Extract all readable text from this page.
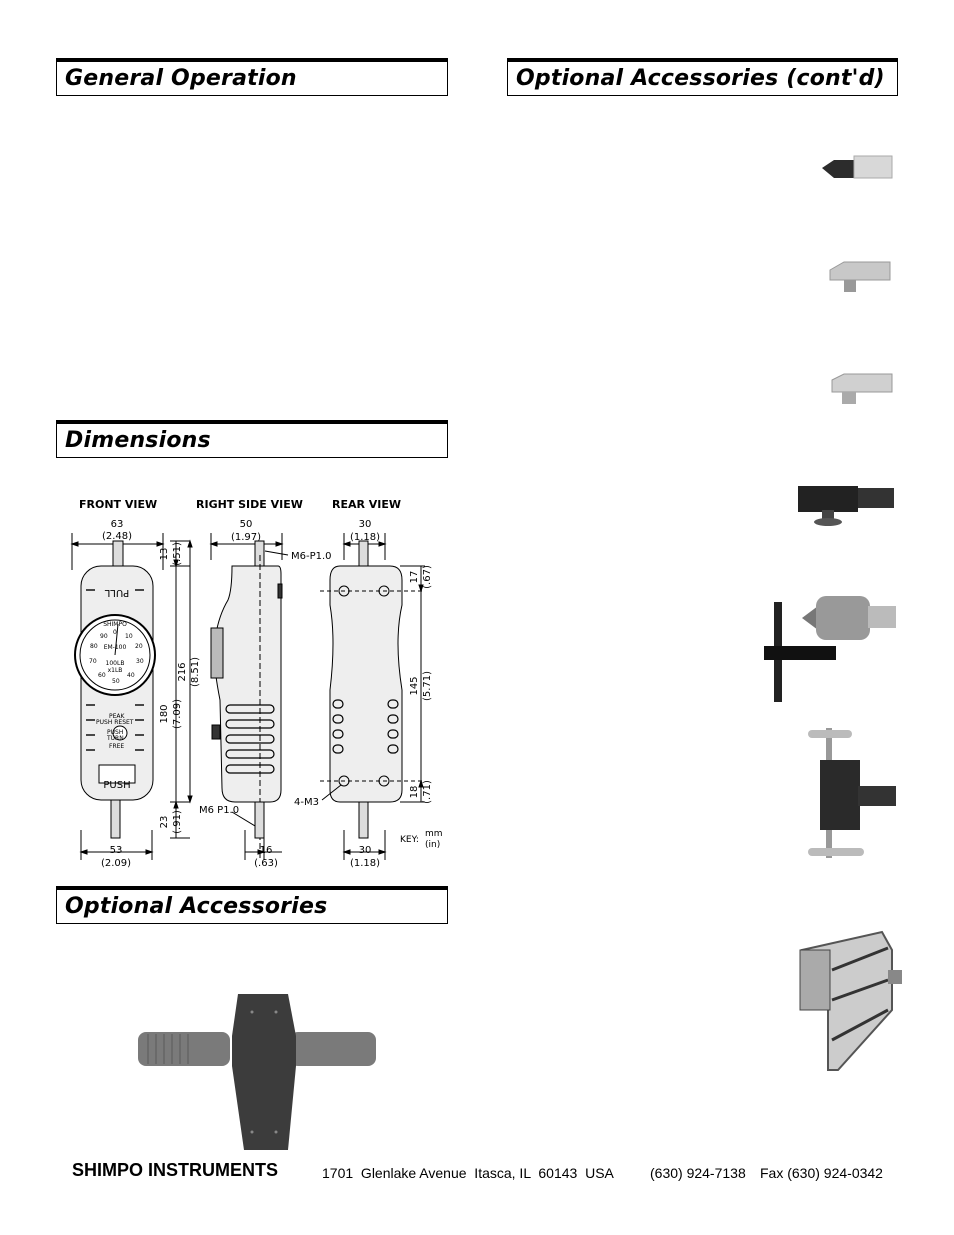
General Operation	Optional Accessories (cont'd)
Dimensions
Optional Accessories
FRONT VIEW	RIGHT SIDE VIEW	REAR VIEW
63
(2.48)
PULL
SHIMPO
EM-100
100LB
x1LB
90
0
10
80	20
70	30
60	40
50
PEAK
PUSH RESET
PUSH
TURN
FREE
PUSH
53
(2.09)
50
(1.97)
M6-P1.0
M6 P1.0
16
(.63)
13 (.51)
216 (8.51)
180 (7.09)
23 (.91)
30
(1.18)
4-M3
30
(1.18)
17 (.67)
145 (5.71)
18 (.71)
KEY:
mm
(in)
SHIMPO INSTRUMENTS	1701  Glenlake Avenue  Itasca, IL  60143  USA	(630) 924-7138 Fax (630) 924-0342
